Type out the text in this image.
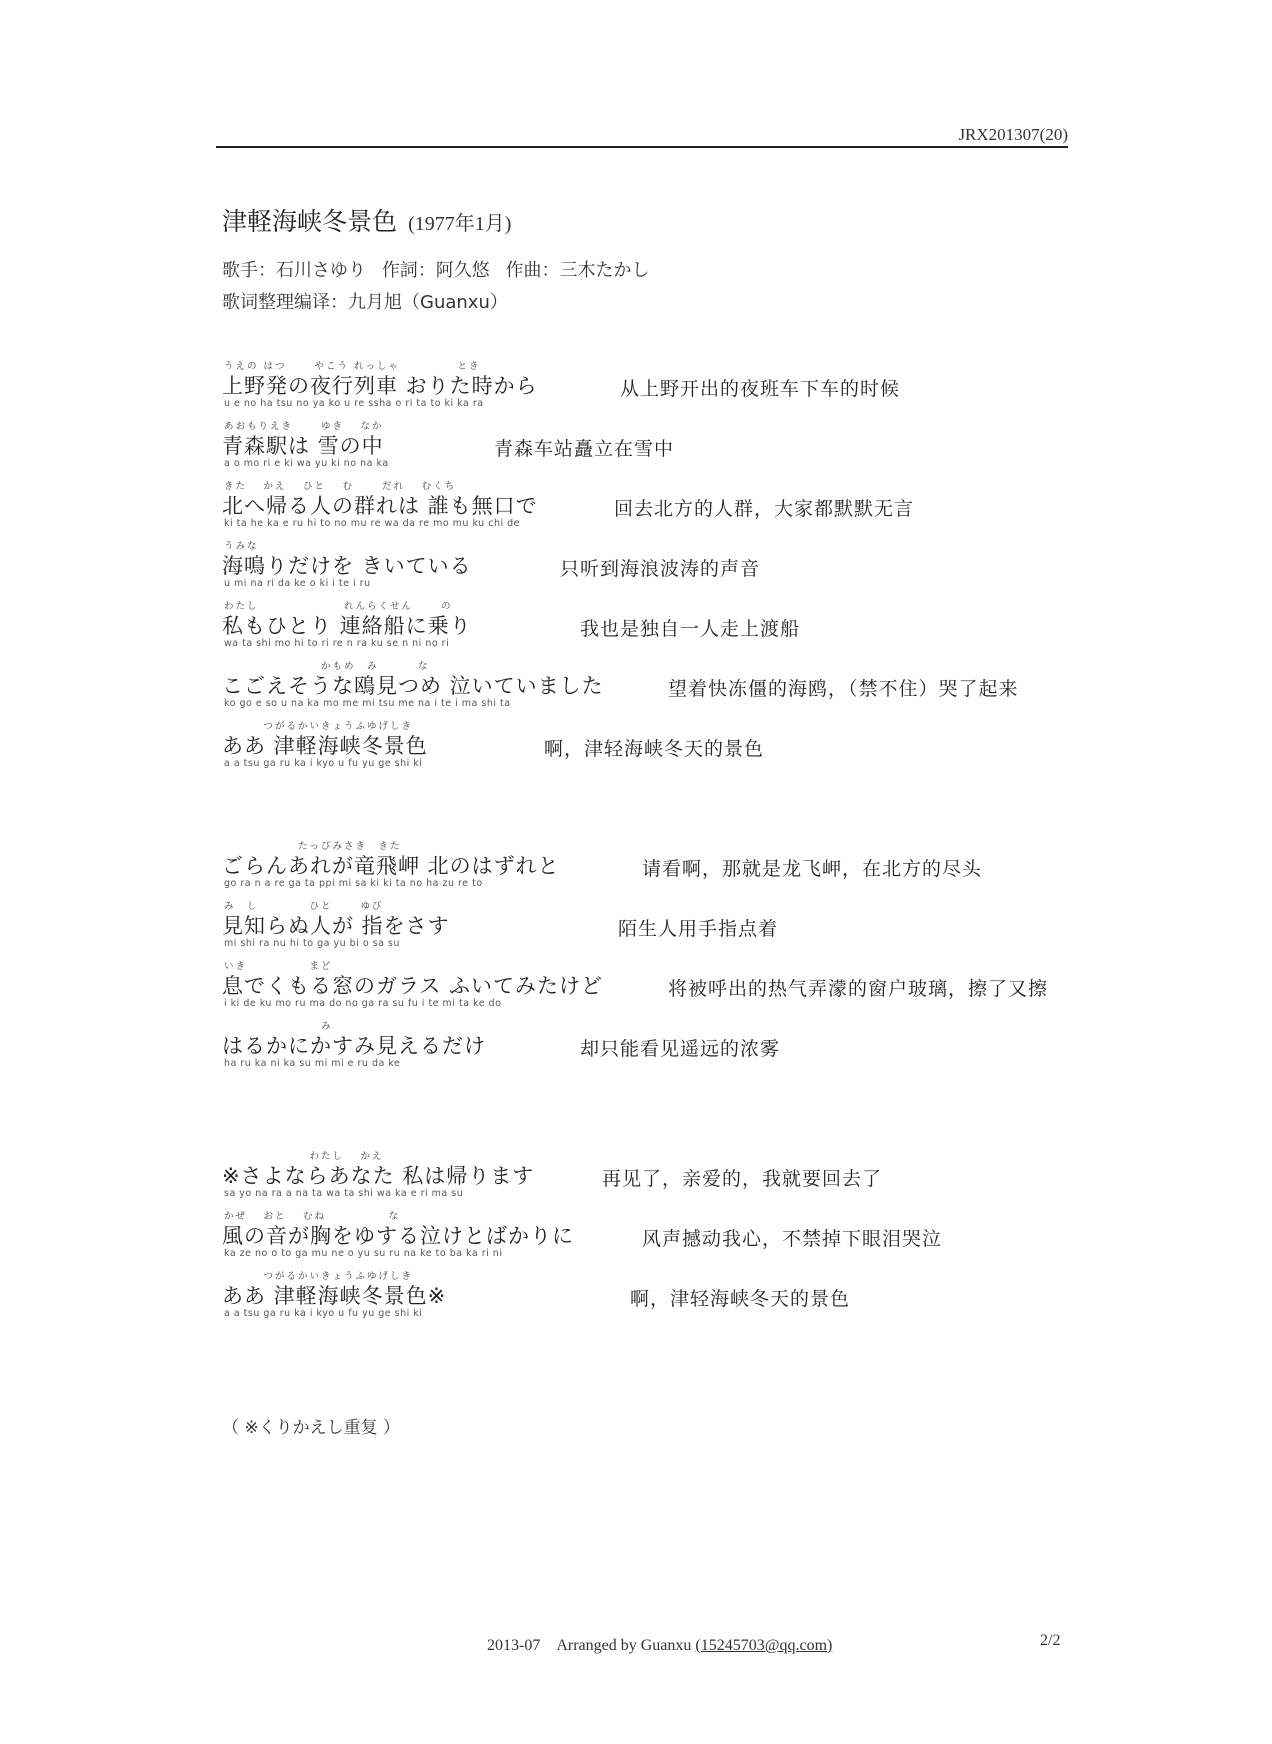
JRX201307(20)
津軽海峡冬景色 (1977年1月)
歌手：石川さゆり 作詞：阿久悠 作曲：三木たかし
歌词整理编译：九月旭（Guanxu）
うえの はつ　　 やこう れっしゃ　　　　　とき
上野発の夜行列車 おりた時から
u e no ha tsu no ya ko u re ssha o ri ta to ki ka ra
从上野开出的夜班车下车的时候
あおもりえき　　 ゆき　 なか
青森駅は 雪の中
a o mo ri e ki wa yu ki no na ka
青森车站矗立在雪中
きた　 かえ　 ひと　 む　　 だれ　 むくち
北へ帰る人の群れは 誰も無口で
ki ta he ka e ru hi to no mu re wa da re mo mu ku chi de
回去北方的人群，大家都默默无言
うみな
海鳴りだけを きいている
u mi na ri da ke o ki i te i ru
只听到海浪波涛的声音
わたし　　　　　　　 れんらくせん　　 の
私もひとり 連絡船に乗り
wa ta shi mo hi to ri re n ra ku se n ni no ri
我也是独自一人走上渡船
　　　　　　　　 かもめ　み　　　 な
こごえそうな鴎見つめ 泣いていました
ko go e so u na ka mo me mi tsu me na i te i ma shi ta
望着快冻僵的海鸥，（禁不住）哭了起来
　　　 つがるかいきょうふゆげしき
ああ 津軽海峡冬景色
a a tsu ga ru ka i kyo u fu yu ge shi ki
啊，津轻海峡冬天的景色
　　　　　　 たっぴみさき　きた
ごらんあれが竜飛岬 北のはずれと
go ra n a re ga ta ppi mi sa ki ki ta no ha zu re to
请看啊，那就是龙飞岬，在北方的尽头
み　し　　　　 ひと　　 ゆび
見知らぬ人が 指をさす
mi shi ra nu hi to ga yu bi o sa su
陌生人用手指点着
いき　　　　　 まど
息でくもる窓のガラス ふいてみたけど
i ki de ku mo ru ma do no ga ra su fu i te mi ta ke do
将被呼出的热气弄濛的窗户玻璃，擦了又擦
　　　　　　　　 み
はるかにかすみ見えるだけ
ha ru ka ni ka su mi mi e ru da ke
却只能看见遥远的浓雾
　　　　　　　 わたし　 かえ
※さよならあなた 私は帰ります
sa yo na ra a na ta wa ta shi wa ka e ri ma su
再见了，亲爱的，我就要回去了
かぜ　 おと　 むね　　　　　 な
風の音が胸をゆする泣けとばかりに
ka ze no o to ga mu ne o yu su ru na ke to ba ka ri ni
风声撼动我心，不禁掉下眼泪哭泣
　　　 つがるかいきょうふゆげしき
ああ 津軽海峡冬景色※
a a tsu ga ru ka i kyo u fu yu ge shi ki
啊，津轻海峡冬天的景色
（ ※くりかえし重复 ）
2013-07　Arranged by Guanxu (15245703@qq.com)	2/2
